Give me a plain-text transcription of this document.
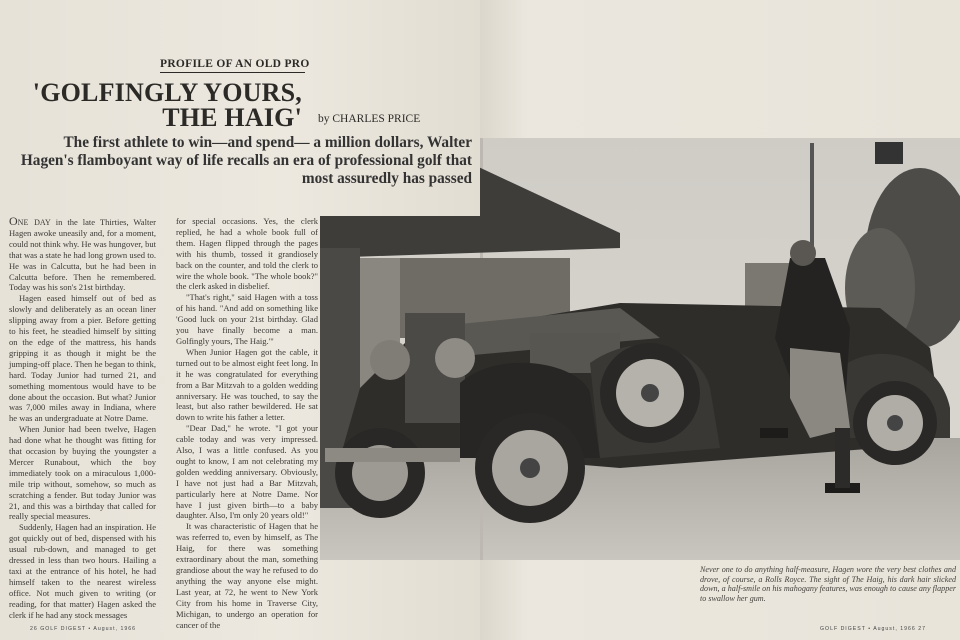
PROFILE OF AN OLD PRO
'GOLFINGLY YOURS,
THE HAIG' by CHARLES PRICE
The first athlete to win—and spend— a million dollars, Walter Hagen's flamboyant way of life recalls an era of professional golf that most assuredly has passed

One day in the late Thirties, Walter Hagen awoke uneasily and, for a moment, could not think why. He was hungover, but that was a state he had long grown used to. He was in Calcutta, but he had been in Calcutta before. Then he remembered. Today was his son's 21st birthday.

Hagen eased himself out of bed as slowly and deliberately as an ocean liner slipping away from a pier. Before getting to his feet, he steadied himself by sitting on the edge of the mattress, his hands gripping it as though it might be the jumping-off place. Then he began to think, hard. Today Junior had turned 21, and something momentous would have to be done about the occasion. But what? Junior was 7,000 miles away in Indiana, where he was an undergraduate at Notre Dame.

When Junior had been twelve, Hagen had done what he thought was fitting for that occasion by buying the youngster a Mercer Runabout, which the boy immediately took on a miraculous 1,000-mile trip without, somehow, so much as scratching a fender. But today Junior was 21, and this was a birthday that called for really special measures.

Suddenly, Hagen had an inspiration. He got quickly out of bed, dispensed with his usual rub-down, and managed to get dressed in less than two hours. Hailing a taxi at the entrance of his hotel, he had himself taken to the nearest wireless office. Not much given to writing (or reading, for that matter) Hagen asked the clerk if he had any stock messages

for special occasions. Yes, the clerk replied, he had a whole book full of them. Hagen flipped through the pages with his thumb, tossed it grandiosely back on the counter, and told the clerk to wire the whole book. "The whole book?" the clerk asked in disbelief.

"That's right," said Hagen with a toss of his hand. "And add on something like 'Good luck on your 21st birthday. Glad you have finally become a man. Golfingly yours, The Haig.'"

When Junior Hagen got the cable, it turned out to be almost eight feet long. In it he was congratulated for everything from a Bar Mitzvah to a golden wedding anniversary. He was touched, to say the least, but also rather bewildered. He sat down to write his father a letter.

"Dear Dad," he wrote. "I got your cable today and was very impressed. Also, I was a little confused. As you ought to know, I am not celebrating my golden wedding anniversary. Obviously, I have not just had a Bar Mitzvah, particularly here at Notre Dame. Nor have I just given birth—to a baby daughter. Also, I'm only 20 years old!"

It was characteristic of Hagen that he was referred to, even by himself, as The Haig, for there was something extraordinary about the man, something grandiose about the way he refused to do anything the way anyone else might. Last year, at 72, he went to New York City from his home in Traverse City, Michigan, to undergo an operation for cancer of the

Never one to do anything half-measure, Hagen wore the very best clothes and drove, of course, a Rolls Royce. The sight of The Haig, his dark hair slicked down, a half-smile on his mahogany features, was enough to cause any flapper to swallow her gum.
26 GOLF DIGEST • August, 1966	GOLF DIGEST • August, 1966 27
